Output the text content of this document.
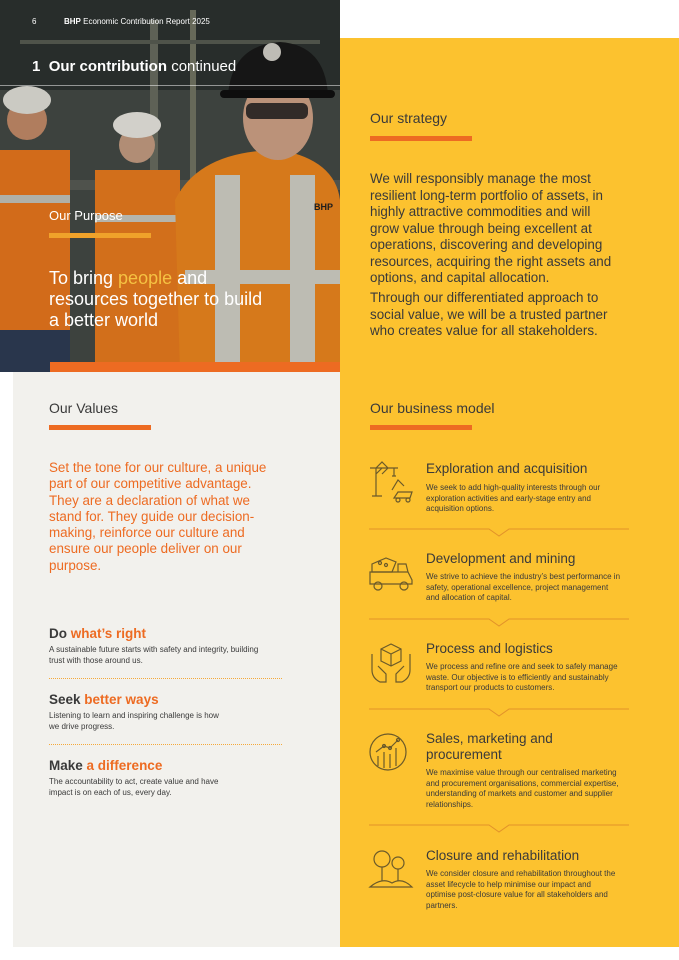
BHP
6	BHP Economic Contribution Report 2025
1 Our contribution continued
Our Purpose
To bring people and resources together to build a better world
Our strategy
We will responsibly manage the most resilient long-term portfolio of assets, in highly attractive commodities and will grow value through being excellent at operations, discovering and developing resources, acquiring the right assets and options, and capital allocation.
Through our differentiated approach to social value, we will be a trusted partner who creates value for all stakeholders.
Our Values
Set the tone for our culture, a unique part of our competitive advantage. They are a declaration of what we stand for. They guide our decision-making, reinforce our culture and ensure our people deliver on our purpose.
Do what’s right
A sustainable future starts with safety and integrity, building trust with those around us.
Seek better ways
Listening to learn and inspiring challenge is how we drive progress.
Make a difference
The accountability to act, create value and have impact is on each of us, every day.
Our business model
Exploration and acquisition
We seek to add high-quality interests through our exploration activities and early-stage entry and acquisition options.
Development and mining
We strive to achieve the industry’s best performance in safety, operational excellence, project management and allocation of capital.
Process and logistics
We process and refine ore and seek to safely manage waste. Our objective is to efficiently and sustainably transport our products to customers.
Sales, marketing and procurement
We maximise value through our centralised marketing and procurement organisations, commercial expertise, understanding of markets and customer and supplier relationships.
Closure and rehabilitation
We consider closure and rehabilitation throughout the asset lifecycle to help minimise our impact and optimise post-closure value for all stakeholders and partners.
